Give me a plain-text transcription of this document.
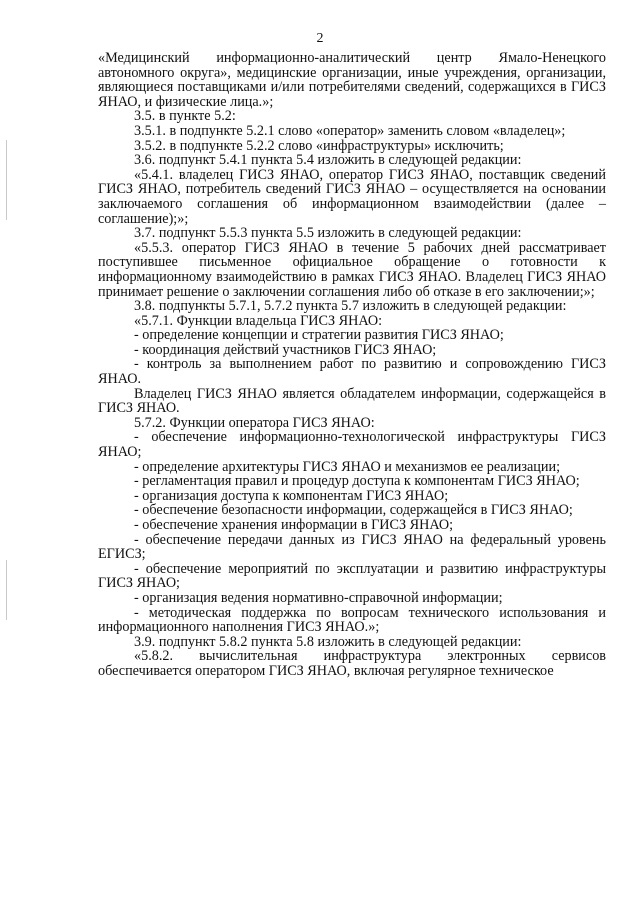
2

«Медицинский информационно-аналитический центр Ямало-Ненецкого автономного округа», медицинские организации, иные учреждения, организации, являющиеся поставщиками и/или потребителями сведений, содержащихся в ГИСЗ ЯНАО, и физические лица.»;

3.5. в пункте 5.2:

3.5.1. в подпункте 5.2.1 слово «оператор» заменить словом «владелец»;

3.5.2. в подпункте 5.2.2 слово «инфраструктуры» исключить;

3.6. подпункт 5.4.1 пункта 5.4 изложить в следующей редакции:

«5.4.1. владелец ГИСЗ ЯНАО, оператор ГИСЗ ЯНАО, поставщик сведений ГИСЗ ЯНАО, потребитель сведений ГИСЗ ЯНАО – осуществляется на основании заключаемого соглашения об информационном взаимодействии (далее – соглашение);»;

3.7. подпункт 5.5.3 пункта 5.5 изложить в следующей редакции:

«5.5.3. оператор ГИСЗ ЯНАО в течение 5 рабочих дней рассматривает поступившее письменное официальное обращение о готовности к информационному взаимодействию в рамках ГИСЗ ЯНАО. Владелец ГИСЗ ЯНАО принимает решение о заключении соглашения либо об отказе в его заключении;»;

3.8. подпункты 5.7.1, 5.7.2 пункта 5.7 изложить в следующей редакции:

«5.7.1. Функции владельца ГИСЗ ЯНАО:

- определение концепции и стратегии развития ГИСЗ ЯНАО;

- координация действий участников ГИСЗ ЯНАО;

- контроль за выполнением работ по развитию и сопровождению ГИСЗ ЯНАО.

Владелец ГИСЗ ЯНАО является обладателем информации, содержащейся в ГИСЗ ЯНАО.

5.7.2. Функции оператора ГИСЗ ЯНАО:

- обеспечение информационно-технологической инфраструктуры ГИСЗ ЯНАО;

- определение архитектуры ГИСЗ ЯНАО и механизмов ее реализации;

- регламентация правил и процедур доступа к компонентам ГИСЗ ЯНАО;

- организация доступа к компонентам ГИСЗ ЯНАО;

- обеспечение безопасности информации, содержащейся в ГИСЗ ЯНАО;

- обеспечение хранения информации в ГИСЗ ЯНАО;

- обеспечение передачи данных из ГИСЗ ЯНАО на федеральный уровень ЕГИСЗ;

- обеспечение мероприятий по эксплуатации и развитию инфраструктуры ГИСЗ ЯНАО;

- организация ведения нормативно-справочной информации;

- методическая поддержка по вопросам технического использования и информационного наполнения ГИСЗ ЯНАО.»;

3.9. подпункт 5.8.2 пункта 5.8 изложить в следующей редакции:

«5.8.2. вычислительная инфраструктура электронных сервисов обеспечивается оператором ГИСЗ ЯНАО, включая регулярное техническое
